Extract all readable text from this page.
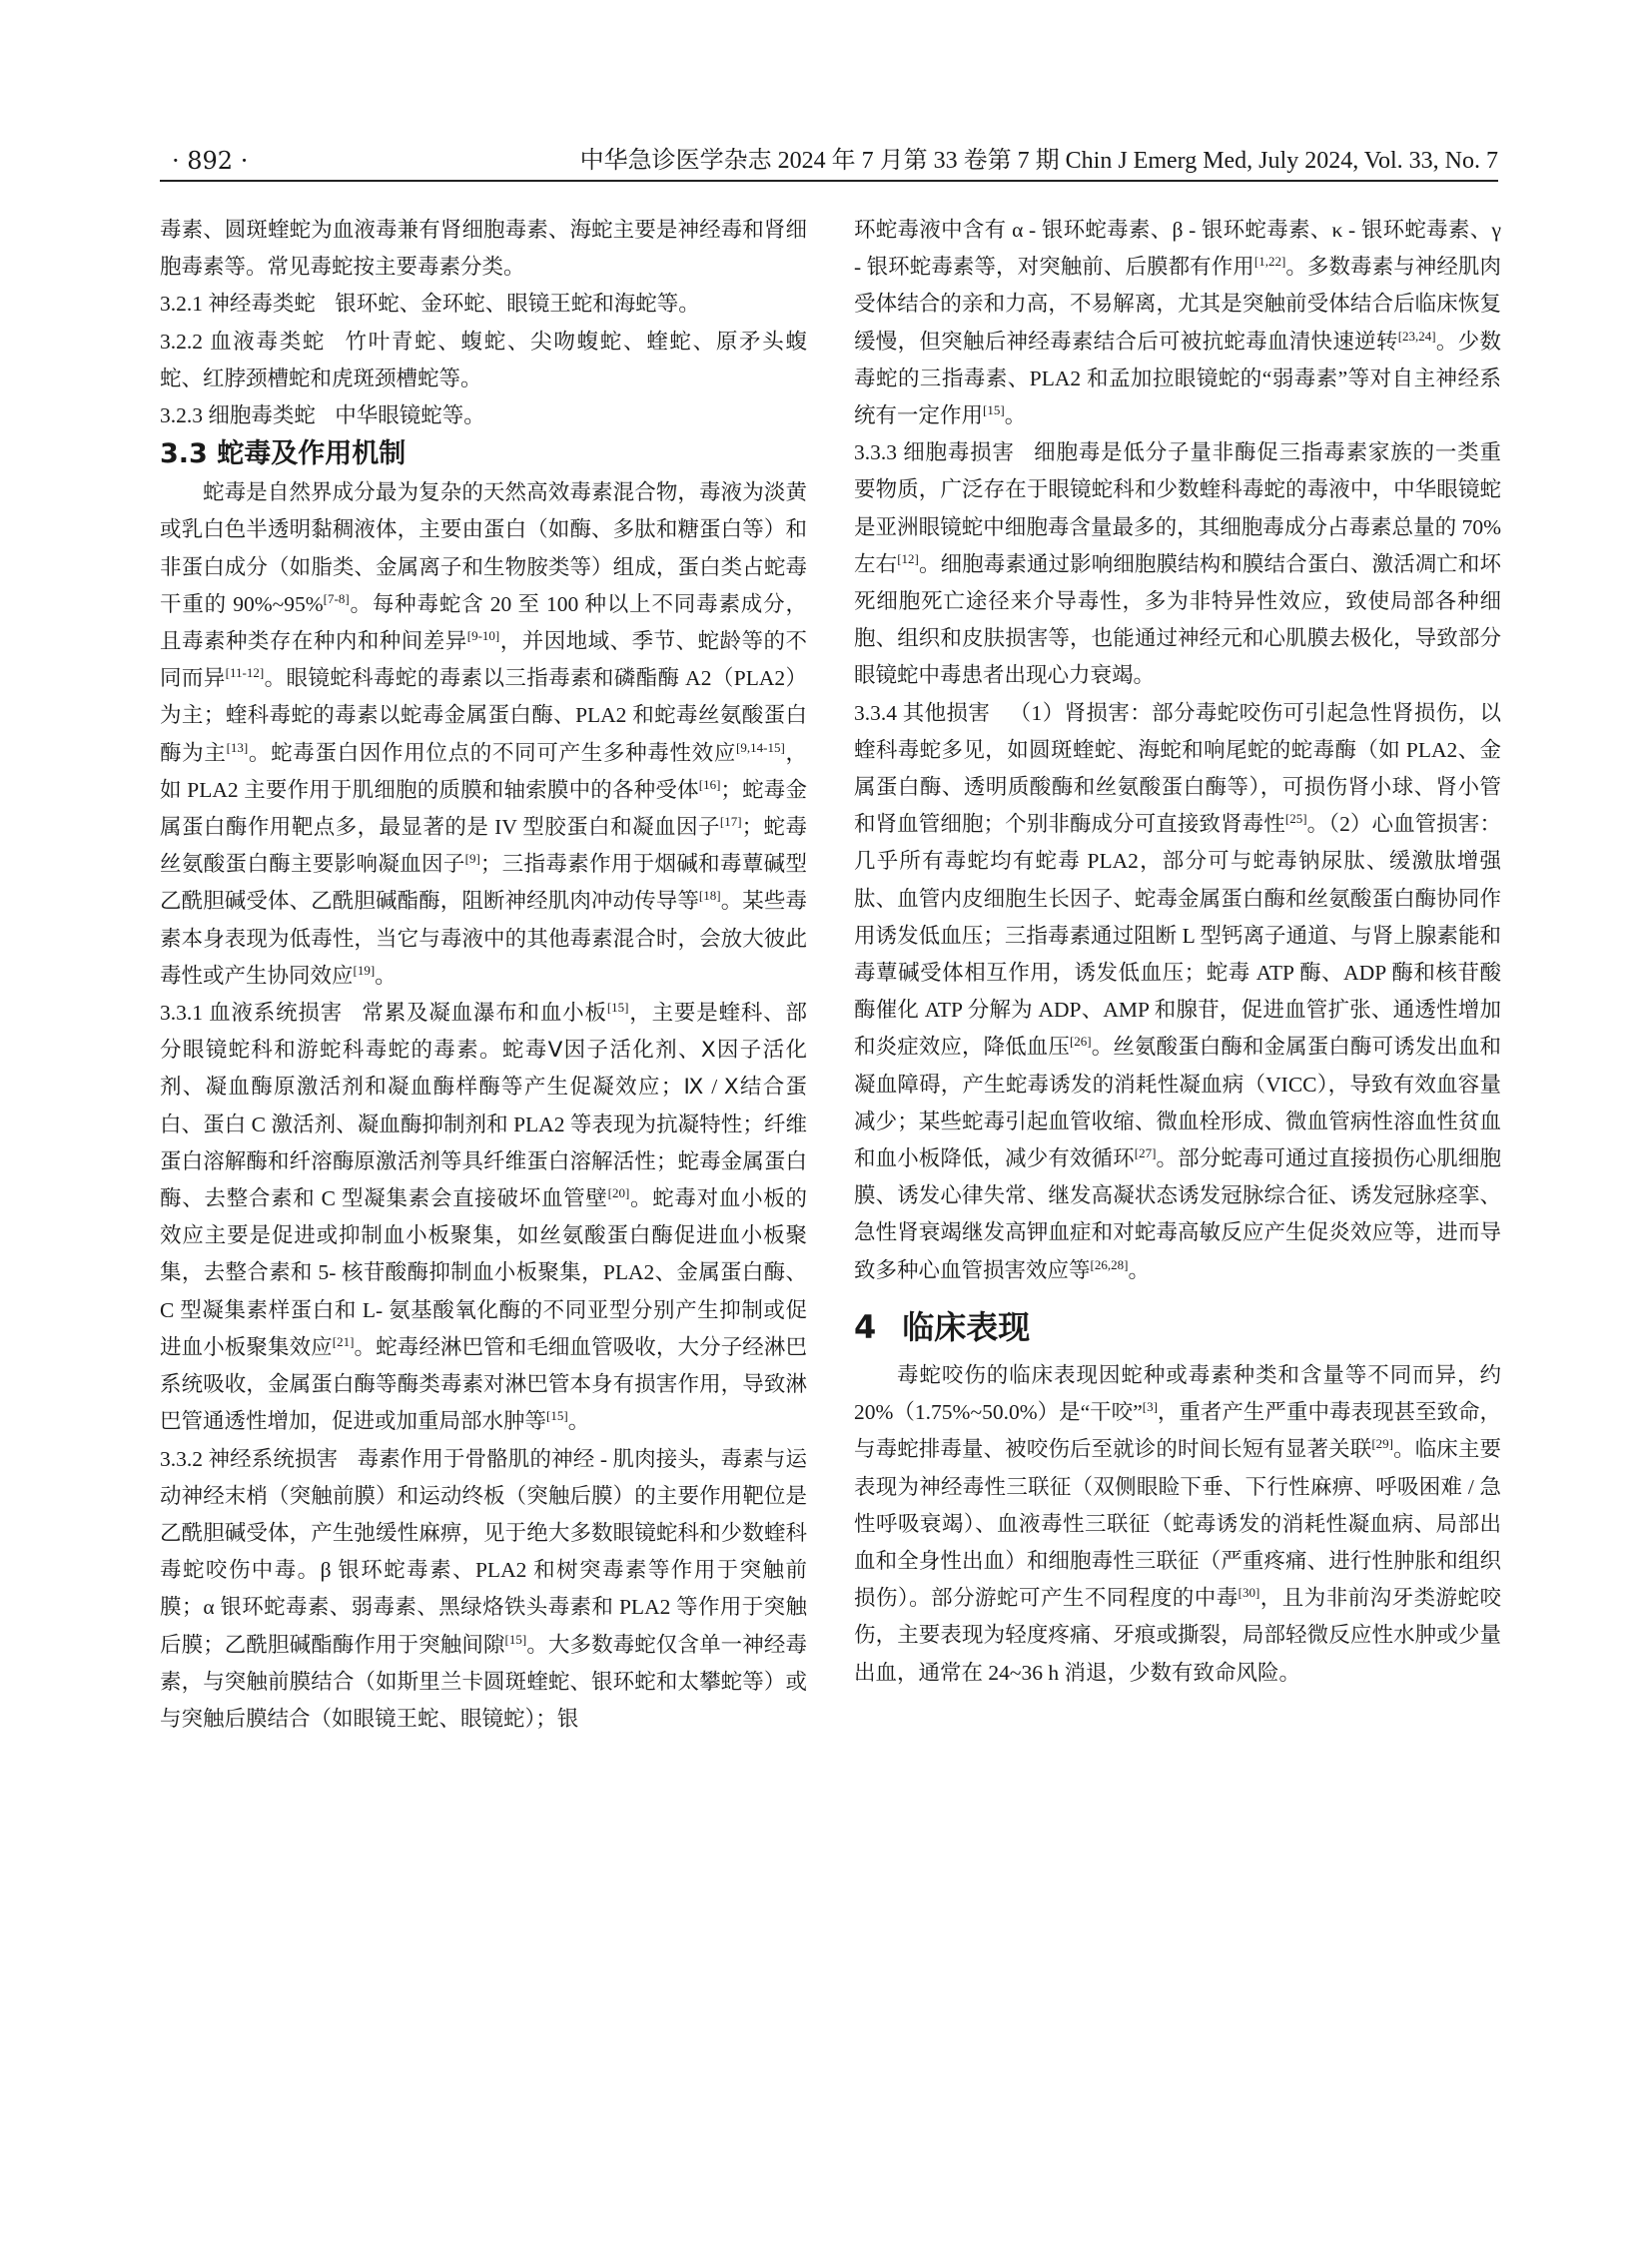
· 892 ·	中华急诊医学杂志 2024 年 7 月第 33 卷第 7 期 Chin J Emerg Med, July 2024, Vol. 33, No. 7

毒素、圆斑蝰蛇为血液毒兼有肾细胞毒素、海蛇主要是神经毒和肾细胞毒素等。常见毒蛇按主要毒素分类。

3.2.1 神经毒类蛇 银环蛇、金环蛇、眼镜王蛇和海蛇等。

3.2.2 血液毒类蛇 竹叶青蛇、蝮蛇、尖吻蝮蛇、蝰蛇、原矛头蝮蛇、红脖颈槽蛇和虎斑颈槽蛇等。

3.2.3 细胞毒类蛇 中华眼镜蛇等。

3.3 蛇毒及作用机制

蛇毒是自然界成分最为复杂的天然高效毒素混合物，毒液为淡黄或乳白色半透明黏稠液体，主要由蛋白（如酶、多肽和糖蛋白等）和非蛋白成分（如脂类、金属离子和生物胺类等）组成，蛋白类占蛇毒干重的 90%~95%[7-8]。每种毒蛇含 20 至 100 种以上不同毒素成分，且毒素种类存在种内和种间差异[9-10]，并因地域、季节、蛇龄等的不同而异[11-12]。眼镜蛇科毒蛇的毒素以三指毒素和磷酯酶 A2（PLA2）为主；蝰科毒蛇的毒素以蛇毒金属蛋白酶、PLA2 和蛇毒丝氨酸蛋白酶为主[13]。蛇毒蛋白因作用位点的不同可产生多种毒性效应[9,14-15]，如 PLA2 主要作用于肌细胞的质膜和轴索膜中的各种受体[16]；蛇毒金属蛋白酶作用靶点多，最显著的是 IV 型胶蛋白和凝血因子[17]；蛇毒丝氨酸蛋白酶主要影响凝血因子[9]；三指毒素作用于烟碱和毒蕈碱型乙酰胆碱受体、乙酰胆碱酯酶，阻断神经肌肉冲动传导等[18]。某些毒素本身表现为低毒性，当它与毒液中的其他毒素混合时，会放大彼此毒性或产生协同效应[19]。

3.3.1 血液系统损害 常累及凝血瀑布和血小板[15]，主要是蝰科、部分眼镜蛇科和游蛇科毒蛇的毒素。蛇毒Ⅴ因子活化剂、Ⅹ因子活化剂、凝血酶原激活剂和凝血酶样酶等产生促凝效应；Ⅸ / Ⅹ结合蛋白、蛋白 C 激活剂、凝血酶抑制剂和 PLA2 等表现为抗凝特性；纤维蛋白溶解酶和纤溶酶原激活剂等具纤维蛋白溶解活性；蛇毒金属蛋白酶、去整合素和 C 型凝集素会直接破坏血管壁[20]。蛇毒对血小板的效应主要是促进或抑制血小板聚集，如丝氨酸蛋白酶促进血小板聚集，去整合素和 5- 核苷酸酶抑制血小板聚集，PLA2、金属蛋白酶、C 型凝集素样蛋白和 L- 氨基酸氧化酶的不同亚型分别产生抑制或促进血小板聚集效应[21]。蛇毒经淋巴管和毛细血管吸收，大分子经淋巴系统吸收，金属蛋白酶等酶类毒素对淋巴管本身有损害作用，导致淋巴管通透性增加，促进或加重局部水肿等[15]。

3.3.2 神经系统损害 毒素作用于骨骼肌的神经 - 肌肉接头，毒素与运动神经末梢（突触前膜）和运动终板（突触后膜）的主要作用靶位是乙酰胆碱受体，产生弛缓性麻痹，见于绝大多数眼镜蛇科和少数蝰科毒蛇咬伤中毒。β 银环蛇毒素、PLA2 和树突毒素等作用于突触前膜；α 银环蛇毒素、弱毒素、黑绿烙铁头毒素和 PLA2 等作用于突触后膜；乙酰胆碱酯酶作用于突触间隙[15]。大多数毒蛇仅含单一神经毒素，与突触前膜结合（如斯里兰卡圆斑蝰蛇、银环蛇和太攀蛇等）或与突触后膜结合（如眼镜王蛇、眼镜蛇）；银

环蛇毒液中含有 α - 银环蛇毒素、β - 银环蛇毒素、κ - 银环蛇毒素、γ - 银环蛇毒素等，对突触前、后膜都有作用[1,22]。多数毒素与神经肌肉受体结合的亲和力高，不易解离，尤其是突触前受体结合后临床恢复缓慢，但突触后神经毒素结合后可被抗蛇毒血清快速逆转[23,24]。少数毒蛇的三指毒素、PLA2 和孟加拉眼镜蛇的“弱毒素”等对自主神经系统有一定作用[15]。

3.3.3 细胞毒损害 细胞毒是低分子量非酶促三指毒素家族的一类重要物质，广泛存在于眼镜蛇科和少数蝰科毒蛇的毒液中，中华眼镜蛇是亚洲眼镜蛇中细胞毒含量最多的，其细胞毒成分占毒素总量的 70% 左右[12]。细胞毒素通过影响细胞膜结构和膜结合蛋白、激活凋亡和坏死细胞死亡途径来介导毒性，多为非特异性效应，致使局部各种细胞、组织和皮肤损害等，也能通过神经元和心肌膜去极化，导致部分眼镜蛇中毒患者出现心力衰竭。

3.3.4 其他损害 （1）肾损害：部分毒蛇咬伤可引起急性肾损伤，以蝰科毒蛇多见，如圆斑蝰蛇、海蛇和响尾蛇的蛇毒酶（如 PLA2、金属蛋白酶、透明质酸酶和丝氨酸蛋白酶等），可损伤肾小球、肾小管和肾血管细胞；个别非酶成分可直接致肾毒性[25]。（2）心血管损害：几乎所有毒蛇均有蛇毒 PLA2，部分可与蛇毒钠尿肽、缓激肽增强肽、血管内皮细胞生长因子、蛇毒金属蛋白酶和丝氨酸蛋白酶协同作用诱发低血压；三指毒素通过阻断 L 型钙离子通道、与肾上腺素能和毒蕈碱受体相互作用，诱发低血压；蛇毒 ATP 酶、ADP 酶和核苷酸酶催化 ATP 分解为 ADP、AMP 和腺苷，促进血管扩张、通透性增加和炎症效应，降低血压[26]。丝氨酸蛋白酶和金属蛋白酶可诱发出血和凝血障碍，产生蛇毒诱发的消耗性凝血病（VICC），导致有效血容量减少；某些蛇毒引起血管收缩、微血栓形成、微血管病性溶血性贫血和血小板降低，减少有效循环[27]。部分蛇毒可通过直接损伤心肌细胞膜、诱发心律失常、继发高凝状态诱发冠脉综合征、诱发冠脉痉挛、急性肾衰竭继发高钾血症和对蛇毒高敏反应产生促炎效应等，进而导致多种心血管损害效应等[26,28]。

4 临床表现

毒蛇咬伤的临床表现因蛇种或毒素种类和含量等不同而异，约 20%（1.75%~50.0%）是“干咬”[3]，重者产生严重中毒表现甚至致命，与毒蛇排毒量、被咬伤后至就诊的时间长短有显著关联[29]。临床主要表现为神经毒性三联征（双侧眼睑下垂、下行性麻痹、呼吸困难 / 急性呼吸衰竭）、血液毒性三联征（蛇毒诱发的消耗性凝血病、局部出血和全身性出血）和细胞毒性三联征（严重疼痛、进行性肿胀和组织损伤）。部分游蛇可产生不同程度的中毒[30]，且为非前沟牙类游蛇咬伤，主要表现为轻度疼痛、牙痕或撕裂，局部轻微反应性水肿或少量出血，通常在 24~36 h 消退，少数有致命风险。
